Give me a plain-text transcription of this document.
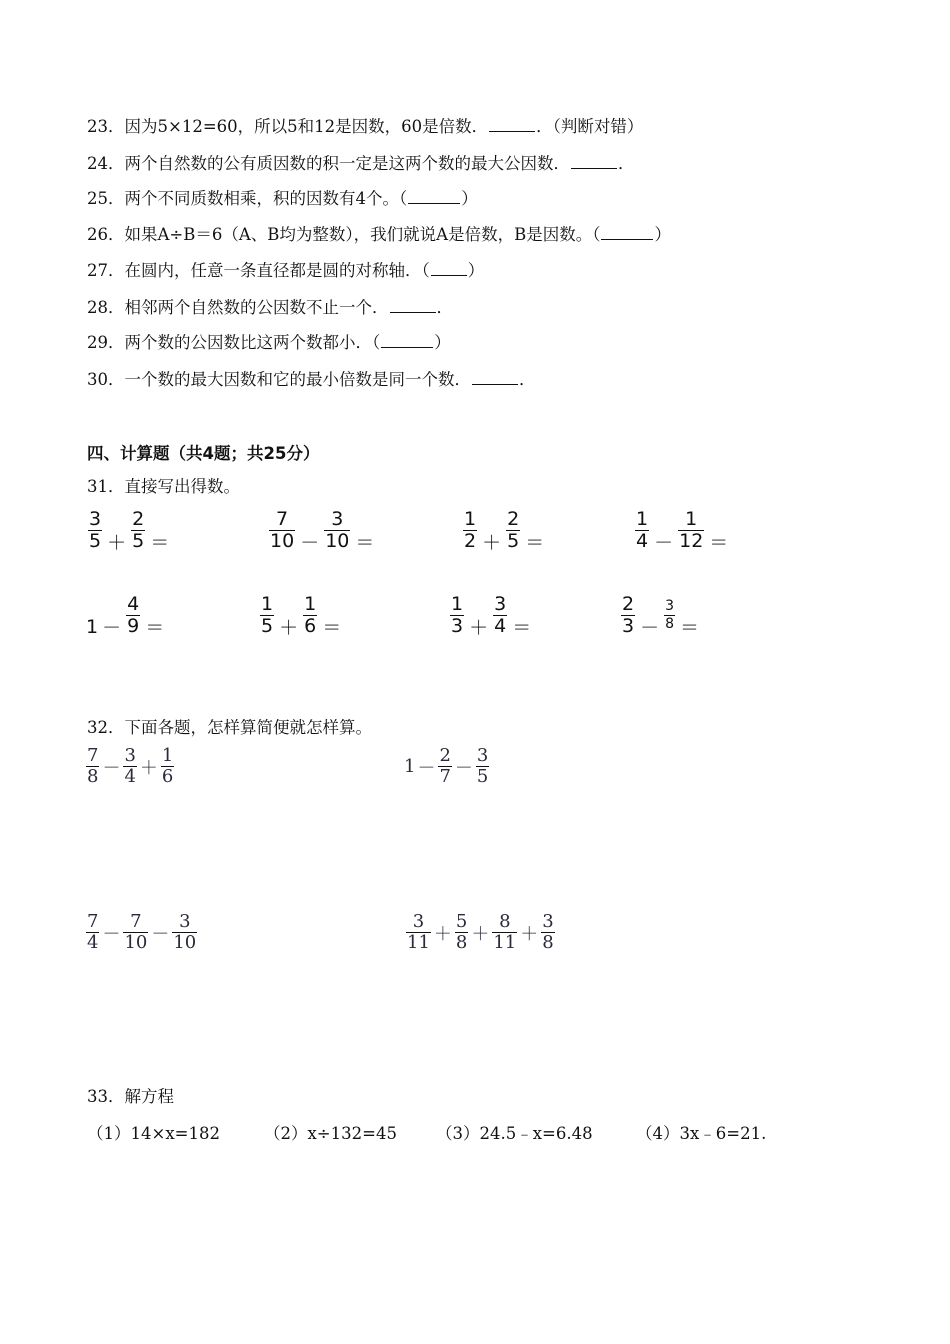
23．因为5×12=60，所以5和12是因数，60是倍数．	．（判断对错）
24．两个自然数的公有质因数的积一定是这两个数的最大公因数．	．
25．两个不同质数相乘，积的因数有4个。（	）
26．如果A÷B＝6（A、B均为整数），我们就说A是倍数，B是因数。（	）
27．在圆内，任意一条直径都是圆的对称轴．（ ）
28．相邻两个自然数的公因数不止一个．	．
29．两个数的公因数比这两个数都小．（	）
30．一个数的最大因数和它的最小倍数是同一个数．	．
四、计算题（共4题；共25分）
31．直接写出得数。
$\frac{3}{5} + \frac{2}{5}$ ＝	$\frac{7}{10} - \frac{3}{10}$ ＝	$\frac{1}{2} + \frac{2}{5}$ ＝	$\frac{1}{4} - \frac{1}{12}$ ＝
$1 - \frac{4}{9}$ ＝	$\frac{1}{5} + \frac{1}{6}$ ＝	$\frac{1}{3} + \frac{3}{4}$ ＝	$\frac{2}{3} - \frac{3}{8}$ ＝
32．下面各题，怎样算简便就怎样算。
$\frac{7}{8} - \frac{3}{4} + \frac{1}{6}$	$1 - \frac{2}{7} - \frac{3}{5}$
$\frac{7}{4} - \frac{7}{10} - \frac{3}{10}$	$\frac{3}{11} + \frac{5}{8} + \frac{8}{11} + \frac{3}{8}$
33．解方程
（1）14×x=182	（2）x÷132=45 （3）24.5﹣x=6.48	（4）3x﹣6=21.
